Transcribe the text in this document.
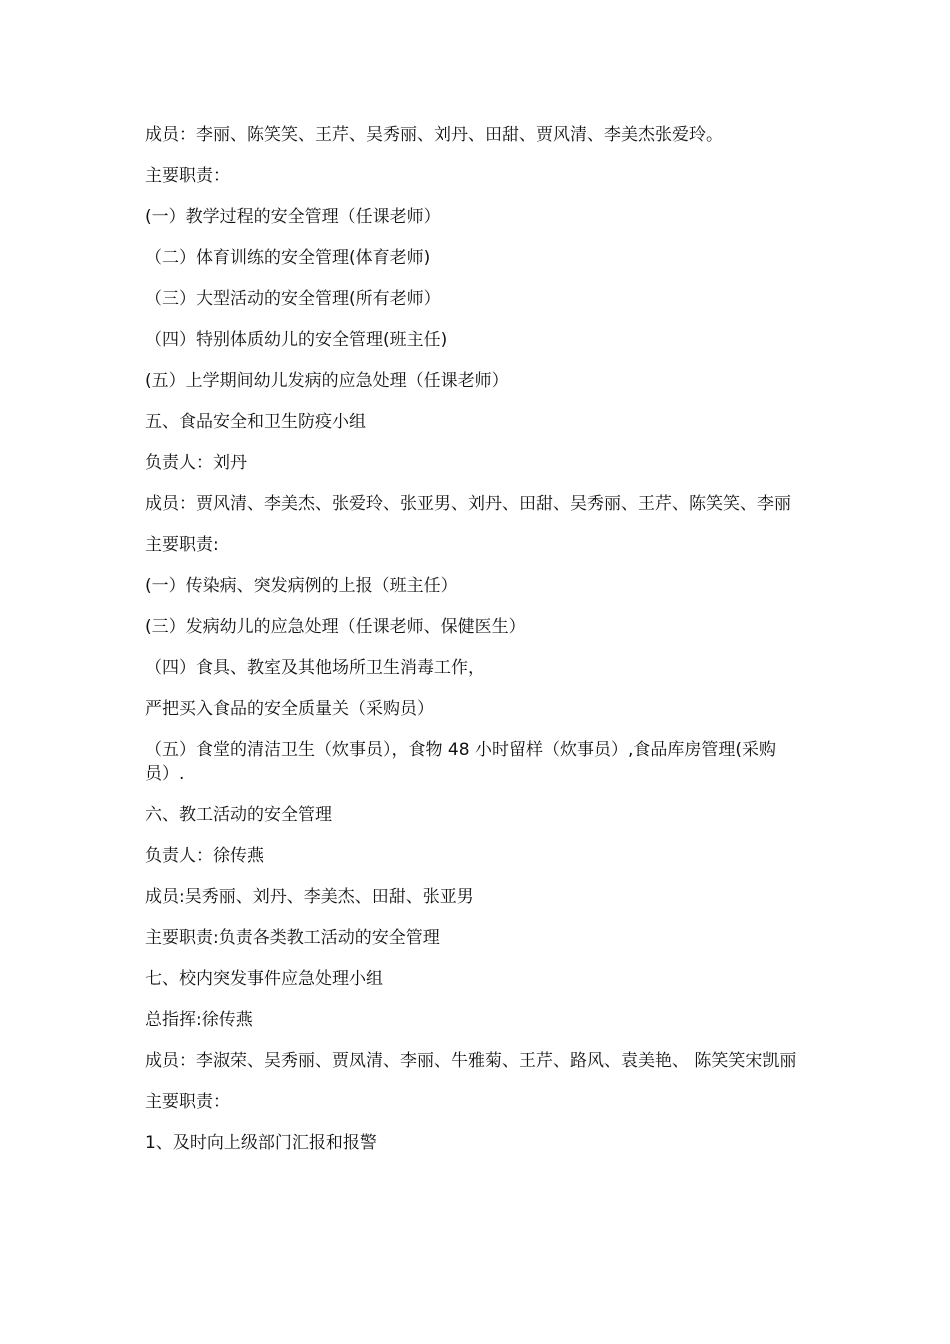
成员：李丽、陈笑笑、王芹、吴秀丽、刘丹、田甜、贾风清、李美杰张爱玲。

主要职责：

(一）教学过程的安全管理（任课老师）

（二）体育训练的安全管理(体育老师)

（三）大型活动的安全管理(所有老师）

（四）特别体质幼儿的安全管理(班主任)

(五）上学期间幼儿发病的应急处理（任课老师）

五、食品安全和卫生防疫小组

负责人：刘丹

成员：贾风清、李美杰、张爱玲、张亚男、刘丹、田甜、吴秀丽、王芹、陈笑笑、李丽

主要职责:

(一）传染病、突发病例的上报（班主任）

(三）发病幼儿的应急处理（任课老师、保健医生）

（四）食具、教室及其他场所卫生消毒工作，

严把买入食品的安全质量关（采购员）

（五）食堂的清洁卫生（炊事员），食物 48 小时留样（炊事员）,食品库房管理(采购员）.

六、教工活动的安全管理

负责人：徐传燕

成员:吴秀丽、刘丹、李美杰、田甜、张亚男

主要职责:负责各类教工活动的安全管理

七、校内突发事件应急处理小组

总指挥:徐传燕

成员：李淑荣、吴秀丽、贾凤清、李丽、牛雅菊、王芹、路风、袁美艳、 陈笑笑宋凯丽

主要职责：

1、及时向上级部门汇报和报警
